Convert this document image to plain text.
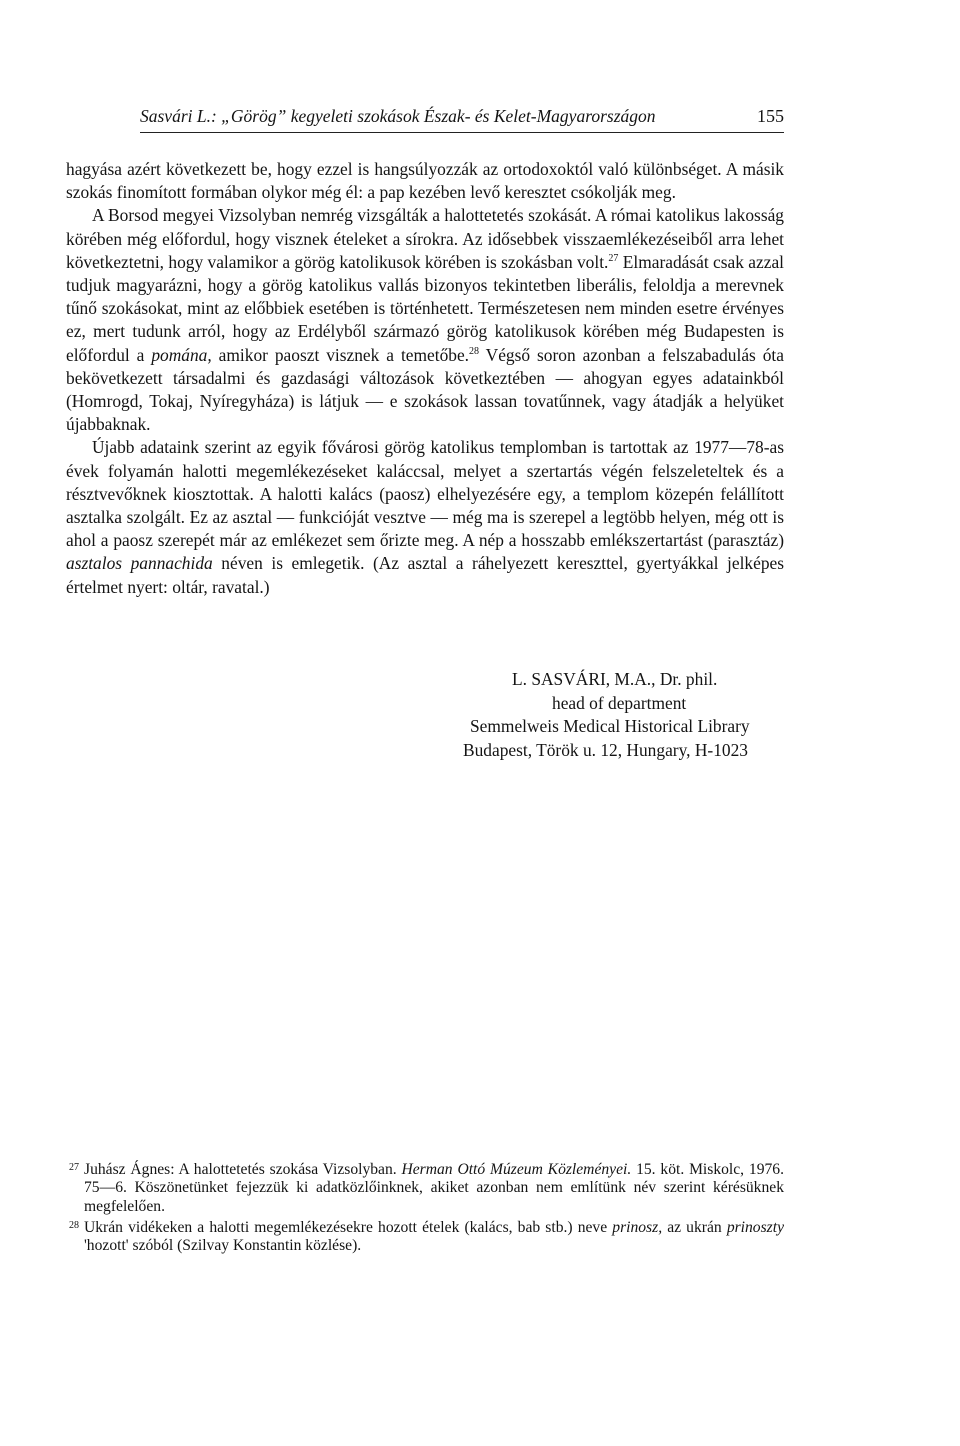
Sasvári L.: „Görög” kegyeleti szokások Észak- és Kelet-Magyarországon	155

hagyása azért következett be, hogy ezzel is hangsúlyozzák az ortodoxoktól való különbséget. A másik szokás finomított formában olykor még él: a pap kezében levő keresztet csókolják meg.

A Borsod megyei Vizsolyban nemrég vizsgálták a halottetetés szokását. A római katolikus lakosság körében még előfordul, hogy visznek ételeket a sírokra. Az idősebbek visszaemlékezéseiből arra lehet következtetni, hogy valamikor a görög katolikusok körében is szokásban volt.$^{27}$ Elmaradását csak azzal tudjuk magyarázni, hogy a görög katolikus vallás bizonyos tekintetben liberális, feloldja a merevnek tűnő szokásokat, mint az előbbiek esetében is történhetett. Természetesen nem minden esetre érvényes ez, mert tudunk arról, hogy az Erdélyből származó görög katolikusok körében még Budapesten is előfordul a pomána, amikor paoszt visznek a temetőbe.$^{28}$ Végső soron azonban a felszabadulás óta bekövetkezett társadalmi és gazdasági változások következtében — ahogyan egyes adatainkból (Homrogd, Tokaj, Nyíregyháza) is látjuk — e szokások lassan tovatűnnek, vagy átadják a helyüket újabbaknak.

Újabb adataink szerint az egyik fővárosi görög katolikus templomban is tartottak az 1977—78-as évek folyamán halotti megemlékezéseket kaláccsal, melyet a szertartás végén felszeleteltek és a résztvevőknek kiosztottak. A halotti kalács (paosz) elhelyezésére egy, a templom közepén felállított asztalka szolgált. Ez az asztal — funkcióját vesztve — még ma is szerepel a legtöbb helyen, még ott is ahol a paosz szerepét már az emlékezet sem őrizte meg. A nép a hosszabb emlékszertartást (parasztáz) asztalos pannachida néven is emlegetik. (Az asztal a ráhelyezett kereszttel, gyertyákkal jelképes értelmet nyert: oltár, ravatal.)

L. SASVÁRI, M.A., Dr. phil.
head of department
Semmelweis Medical Historical Library
Budapest, Török u. 12, Hungary, H-1023

27 Juhász Ágnes: A halottetetés szokása Vizsolyban. Herman Ottó Múzeum Közleményei. 15. köt. Miskolc, 1976. 75—6. Köszönetünket fejezzük ki adatközlőinknek, akiket azonban nem említünk név szerint kérésüknek megfelelően.

28 Ukrán vidékeken a halotti megemlékezésekre hozott ételek (kalács, bab stb.) neve prinosz, az ukrán prinoszty 'hozott' szóból (Szilvay Konstantin közlése).
